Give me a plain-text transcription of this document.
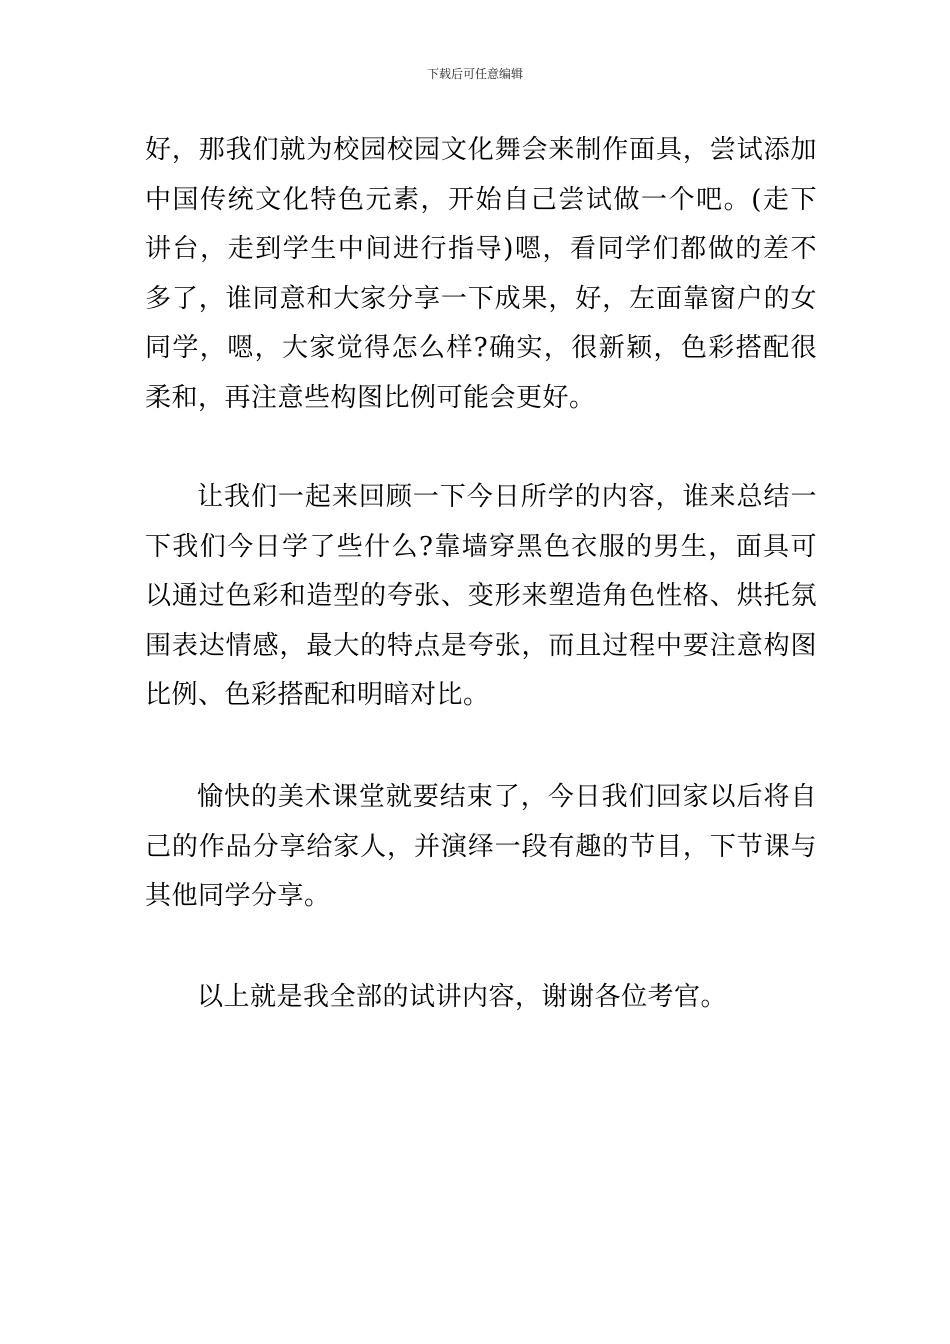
下载后可任意编辑

好，那我们就为校园校园文化舞会来制作面具，尝试添加中国传统文化特色元素，开始自己尝试做一个吧。(走下讲台，走到学生中间进行指导)嗯，看同学们都做的差不多了，谁同意和大家分享一下成果，好，左面靠窗户的女同学，嗯，大家觉得怎么样?确实，很新颖，色彩搭配很柔和，再注意些构图比例可能会更好。

让我们一起来回顾一下今日所学的内容，谁来总结一下我们今日学了些什么?靠墙穿黑色衣服的男生，面具可以通过色彩和造型的夸张、变形来塑造角色性格、烘托氛围表达情感，最大的特点是夸张，而且过程中要注意构图比例、色彩搭配和明暗对比。

愉快的美术课堂就要结束了，今日我们回家以后将自己的作品分享给家人，并演绎一段有趣的节目，下节课与其他同学分享。

以上就是我全部的试讲内容，谢谢各位考官。
